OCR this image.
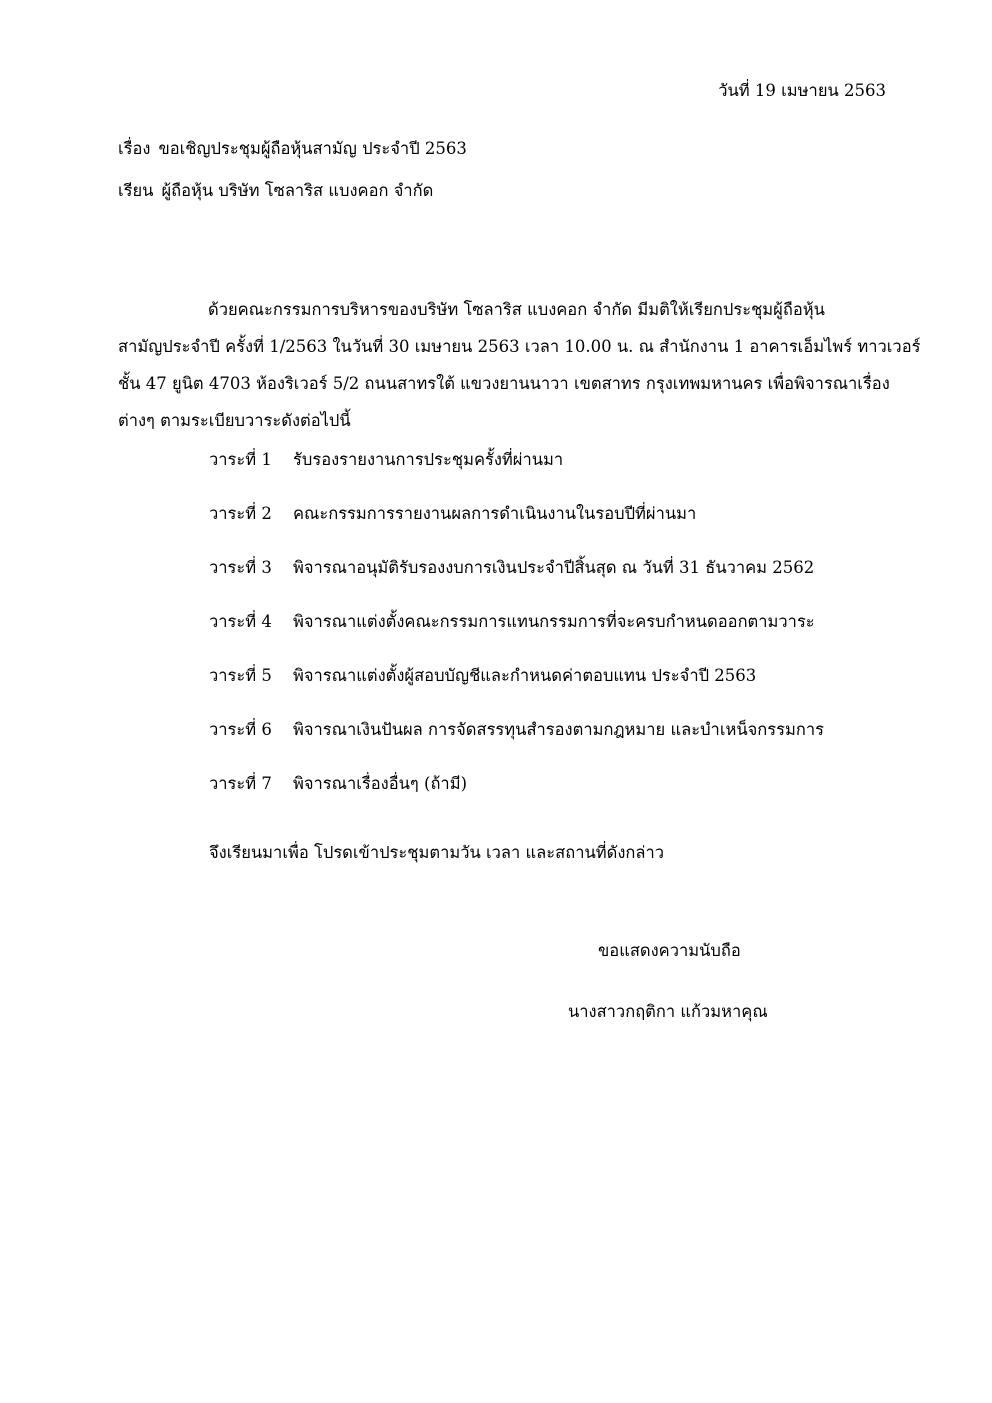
วันที่ 19 เมษายน 2563
เรื่อง ขอเชิญประชุมผู้ถือหุ้นสามัญ ประจำปี 2563
เรียน ผู้ถือหุ้น บริษัท โซลาริส แบงคอก จำกัด
ด้วยคณะกรรมการบริหารของบริษัท โซลาริส แบงคอก จำกัด มีมติให้เรียกประชุมผู้ถือหุ้น
สามัญประจำปี ครั้งที่ 1/2563 ในวันที่ 30 เมษายน 2563 เวลา 10.00 น. ณ สำนักงาน 1 อาคารเอ็มไพร์ ทาวเวอร์
ชั้น 47 ยูนิต 4703 ห้องริเวอร์ 5/2 ถนนสาทรใต้ แขวงยานนาวา เขตสาทร กรุงเทพมหานคร เพื่อพิจารณาเรื่อง
ต่างๆ ตามระเบียบวาระดังต่อไปนี้
วาระที่ 1 รับรองรายงานการประชุมครั้งที่ผ่านมา
วาระที่ 2 คณะกรรมการรายงานผลการดำเนินงานในรอบปีที่ผ่านมา
วาระที่ 3 พิจารณาอนุมัติรับรองงบการเงินประจำปีสิ้นสุด ณ วันที่ 31 ธันวาคม 2562
วาระที่ 4 พิจารณาแต่งตั้งคณะกรรมการแทนกรรมการที่จะครบกำหนดออกตามวาระ
วาระที่ 5 พิจารณาแต่งตั้งผู้สอบบัญชีและกำหนดค่าตอบแทน ประจำปี 2563
วาระที่ 6 พิจารณาเงินปันผล การจัดสรรทุนสำรองตามกฎหมาย และบำเหน็จกรรมการ
วาระที่ 7 พิจารณาเรื่องอื่นๆ (ถ้ามี)
จึงเรียนมาเพื่อ โปรดเข้าประชุมตามวัน เวลา และสถานที่ดังกล่าว
ขอแสดงความนับถือ
นางสาวกฤติกา แก้วมหาคุณ
